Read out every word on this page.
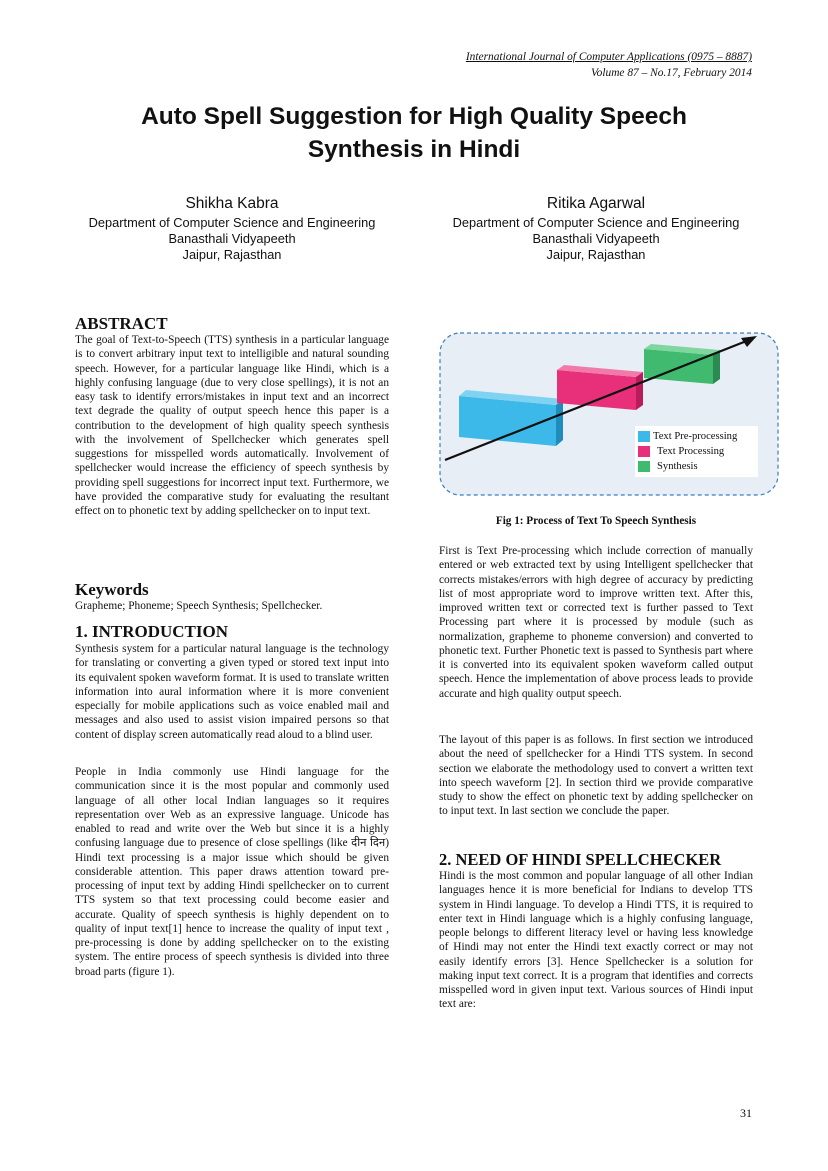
International Journal of Computer Applications (0975 – 8887)
Volume 87 – No.17, February 2014
Auto Spell Suggestion for High Quality Speech
Synthesis in Hindi
Shikha Kabra
Department of Computer Science and Engineering
Banasthali Vidyapeeth
Jaipur, Rajasthan
Ritika Agarwal
Department of Computer Science and Engineering
Banasthali Vidyapeeth
Jaipur, Rajasthan
ABSTRACT
The goal of Text-to-Speech (TTS) synthesis in a particular language is to convert arbitrary input text to intelligible and natural sounding speech. However, for a particular language like Hindi, which is a highly confusing language (due to very close spellings), it is not an easy task to identify errors/mistakes in input text and an incorrect text degrade the quality of output speech hence this paper is a contribution to the development of high quality speech synthesis with the involvement of Spellchecker which generates spell suggestions for misspelled words automatically. Involvement of spellchecker would increase the efficiency of speech synthesis by providing spell suggestions for incorrect input text. Furthermore, we have provided the comparative study for evaluating the resultant effect on to phonetic text by adding spellchecker on to input text.
Keywords
Grapheme; Phoneme; Speech Synthesis; Spellchecker.
1. INTRODUCTION
Synthesis system for a particular natural language is the technology for translating or converting a given typed or stored text input into its equivalent spoken waveform format. It is used to translate written information into aural information where it is more convenient especially for mobile applications such as voice enabled mail and messages and also used to assist vision impaired persons so that content of display screen automatically read aloud to a blind user.
People in India commonly use Hindi language for the communication since it is the most popular and commonly used language of all other local Indian languages so it requires representation over Web as an expressive language. Unicode has enabled to read and write over the Web but since it is a highly confusing language due to presence of close spellings (like दीन दिन) Hindi text processing is a major issue which should be given considerable attention. This paper draws attention toward pre-processing of input text by adding Hindi spellchecker on to current TTS system so that text processing could become easier and accurate. Quality of speech synthesis is highly dependent on to quality of input text[1] hence to increase the quality of input text , pre-processing is done by adding spellchecker on to the existing system. The entire process of speech synthesis is divided into three broad parts (figure 1).
Text Pre-processing
Text Processing
Synthesis
Fig 1: Process of Text To Speech Synthesis
First is Text Pre-processing which include correction of manually entered or web extracted text by using Intelligent spellchecker that corrects mistakes/errors with high degree of accuracy by predicting list of most appropriate word to improve written text. After this, improved written text or corrected text is further passed to Text Processing part where it is processed by module (such as normalization, grapheme to phoneme conversion) and converted to phonetic text. Further Phonetic text is passed to Synthesis part where it is converted into its equivalent spoken waveform called output speech. Hence the implementation of above process leads to provide accurate and high quality output speech.
The layout of this paper is as follows. In first section we introduced about the need of spellchecker for a Hindi TTS system. In second section we elaborate the methodology used to convert a written text into speech waveform [2]. In section third we provide comparative study to show the effect on phonetic text by adding spellchecker on to input text. In last section we conclude the paper.
2. NEED OF HINDI SPELLCHECKER
Hindi is the most common and popular language of all other Indian languages hence it is more beneficial for Indians to develop TTS system in Hindi language. To develop a Hindi TTS, it is required to enter text in Hindi language which is a highly confusing language, people belongs to different literacy level or having less knowledge of Hindi may not enter the Hindi text exactly correct or may not easily identify errors [3]. Hence Spellchecker is a solution for making input text correct. It is a program that identifies and corrects misspelled word in given input text. Various sources of Hindi input text are:
31
